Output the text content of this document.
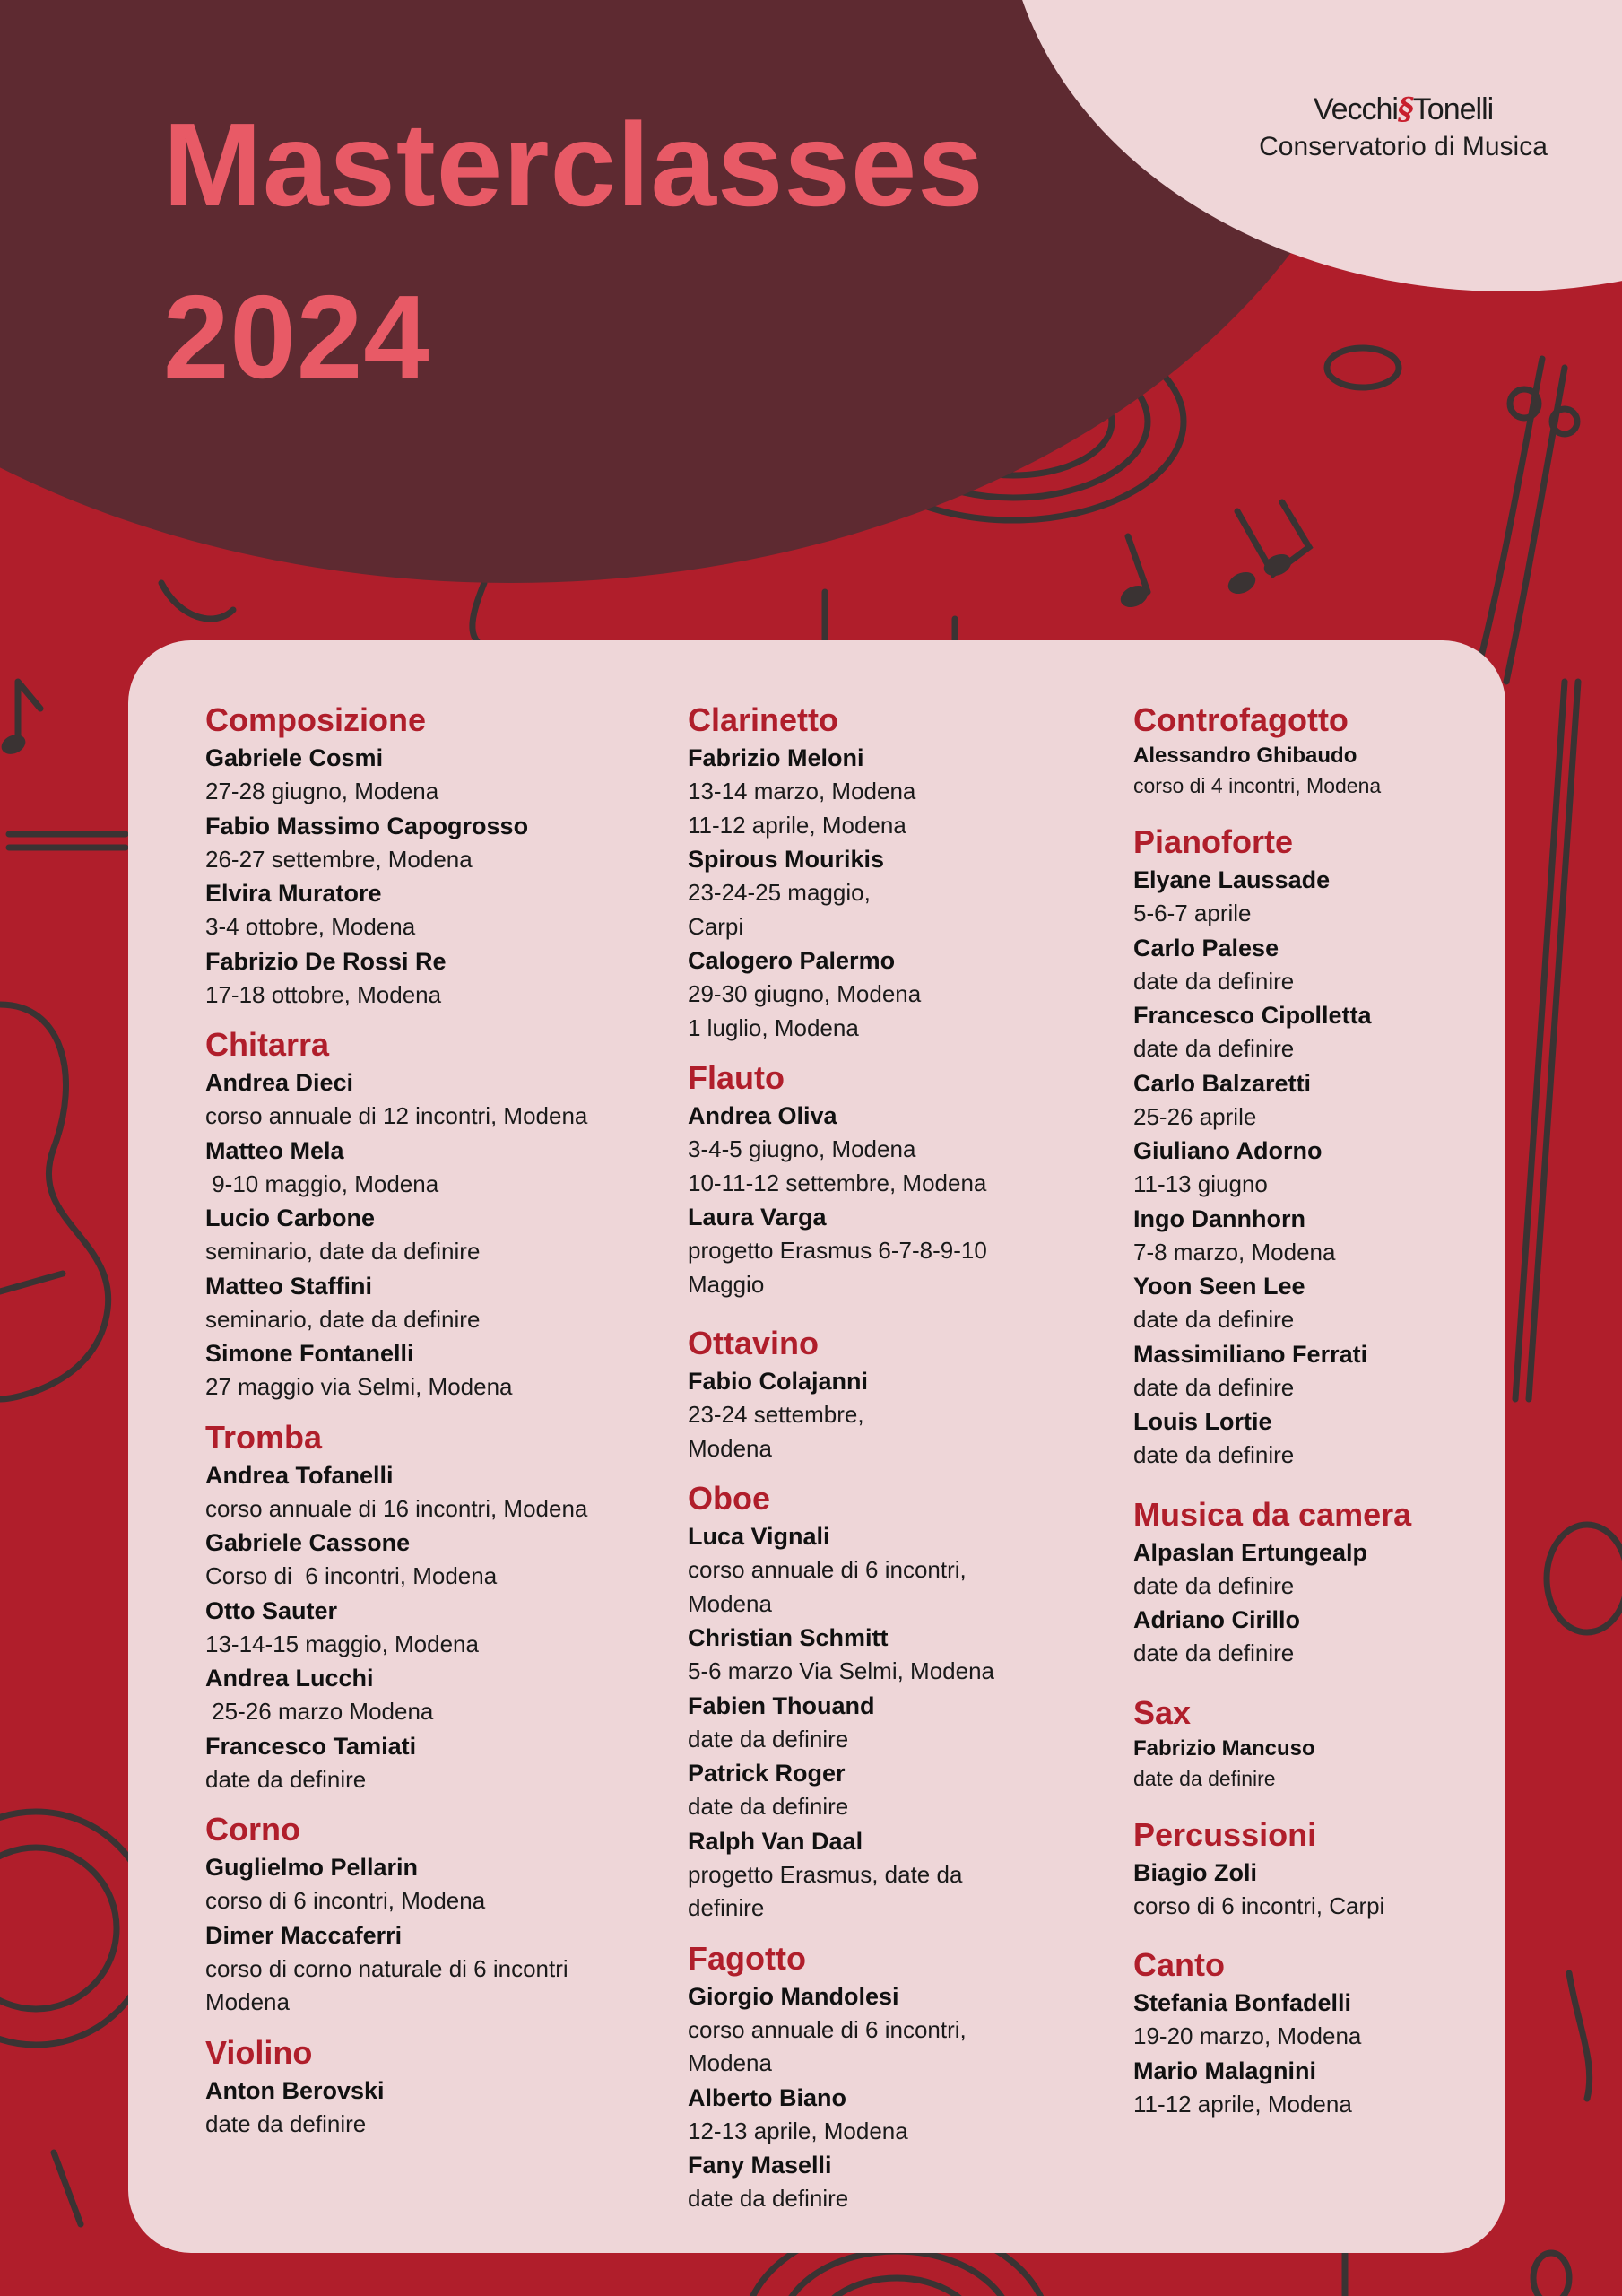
Masterclasses
2024
Vecchi§Tonelli
Conservatorio di Musica
Composizione
Gabriele Cosmi
27-28 giugno, Modena
Fabio Massimo Capogrosso
26-27 settembre, Modena
Elvira Muratore
3-4 ottobre, Modena
Fabrizio De Rossi Re
17-18 ottobre, Modena
Chitarra
Andrea Dieci
corso annuale di 12 incontri, Modena
Matteo Mela
9-10 maggio, Modena
Lucio Carbone
seminario, date da definire
Matteo Staffini
seminario, date da definire
Simone Fontanelli
27 maggio via Selmi, Modena
Tromba
Andrea Tofanelli
corso annuale di 16 incontri, Modena
Gabriele Cassone
Corso di  6 incontri, Modena
Otto Sauter
13-14-15 maggio, Modena
Andrea Lucchi
25-26 marzo Modena
Francesco Tamiati
date da definire
Corno
Guglielmo Pellarin
corso di 6 incontri, Modena
Dimer Maccaferri
corso di corno naturale di 6 incontri
Modena
Violino
Anton Berovski
date da definire
Clarinetto
Fabrizio Meloni
13-14 marzo, Modena
11-12 aprile, Modena
Spirous Mourikis
23-24-25 maggio,
Carpi
Calogero Palermo
29-30 giugno, Modena
1 luglio, Modena
Flauto
Andrea Oliva
3-4-5 giugno, Modena
10-11-12 settembre, Modena
Laura Varga
progetto Erasmus 6-7-8-9-10
Maggio
Ottavino
Fabio Colajanni
23-24 settembre,
Modena
Oboe
Luca Vignali
corso annuale di 6 incontri,
Modena
Christian Schmitt
5-6 marzo Via Selmi, Modena
Fabien Thouand
date da definire
Patrick Roger
date da definire
Ralph Van Daal
progetto Erasmus, date da
definire
Fagotto
Giorgio Mandolesi
corso annuale di 6 incontri,
Modena
Alberto Biano
12-13 aprile, Modena
Fany Maselli
date da definire
Controfagotto
Alessandro Ghibaudo
corso di 4 incontri, Modena
Pianoforte
Elyane Laussade
5-6-7 aprile
Carlo Palese
date da definire
Francesco Cipolletta
date da definire
Carlo Balzaretti
25-26 aprile
Giuliano Adorno
11-13 giugno
Ingo Dannhorn
7-8 marzo, Modena
Yoon Seen Lee
date da definire
Massimiliano Ferrati
date da definire
Louis Lortie
date da definire
Musica da camera
Alpaslan Ertungealp
date da definire
Adriano Cirillo
date da definire
Sax
Fabrizio Mancuso
date da definire
Percussioni
Biagio Zoli
corso di 6 incontri, Carpi
Canto
Stefania Bonfadelli
19-20 marzo, Modena
Mario Malagnini
11-12 aprile, Modena
